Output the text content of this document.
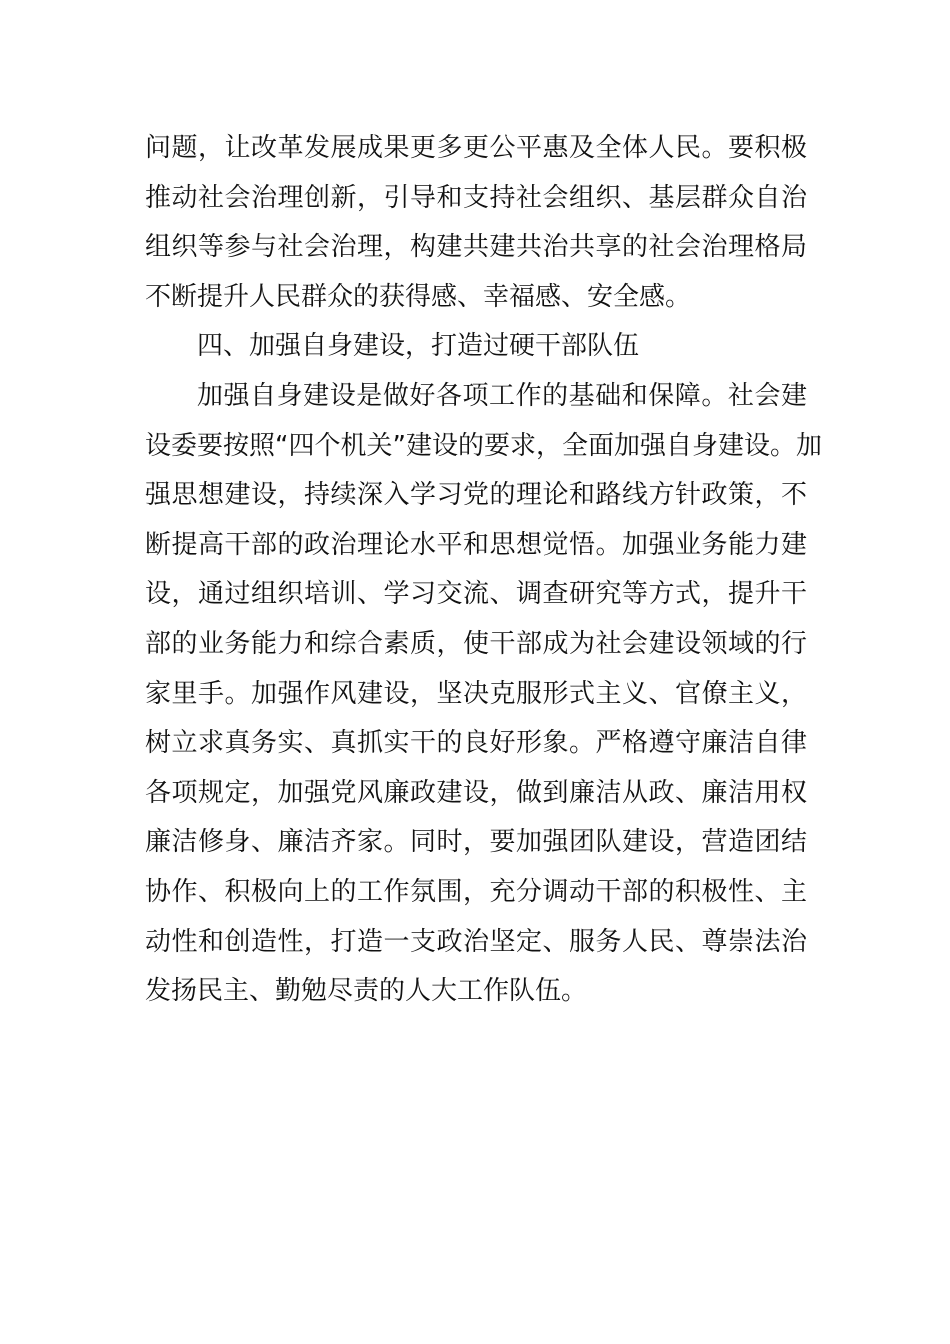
问题，让改革发展成果更多更公平惠及全体人民。要积极
推动社会治理创新，引导和支持社会组织、基层群众自治
组织等参与社会治理，构建共建共治共享的社会治理格局
不断提升人民群众的获得感、幸福感、安全感。
四、加强自身建设，打造过硬干部队伍
加强自身建设是做好各项工作的基础和保障。社会建
设委要按照“四个机关”建设的要求，全面加强自身建设。加
强思想建设，持续深入学习党的理论和路线方针政策，不
断提高干部的政治理论水平和思想觉悟。加强业务能力建
设，通过组织培训、学习交流、调查研究等方式，提升干
部的业务能力和综合素质，使干部成为社会建设领域的行
家里手。加强作风建设，坚决克服形式主义、官僚主义，
树立求真务实、真抓实干的良好形象。严格遵守廉洁自律
各项规定，加强党风廉政建设，做到廉洁从政、廉洁用权
廉洁修身、廉洁齐家。同时，要加强团队建设，营造团结
协作、积极向上的工作氛围，充分调动干部的积极性、主
动性和创造性，打造一支政治坚定、服务人民、尊崇法治
发扬民主、勤勉尽责的人大工作队伍。
